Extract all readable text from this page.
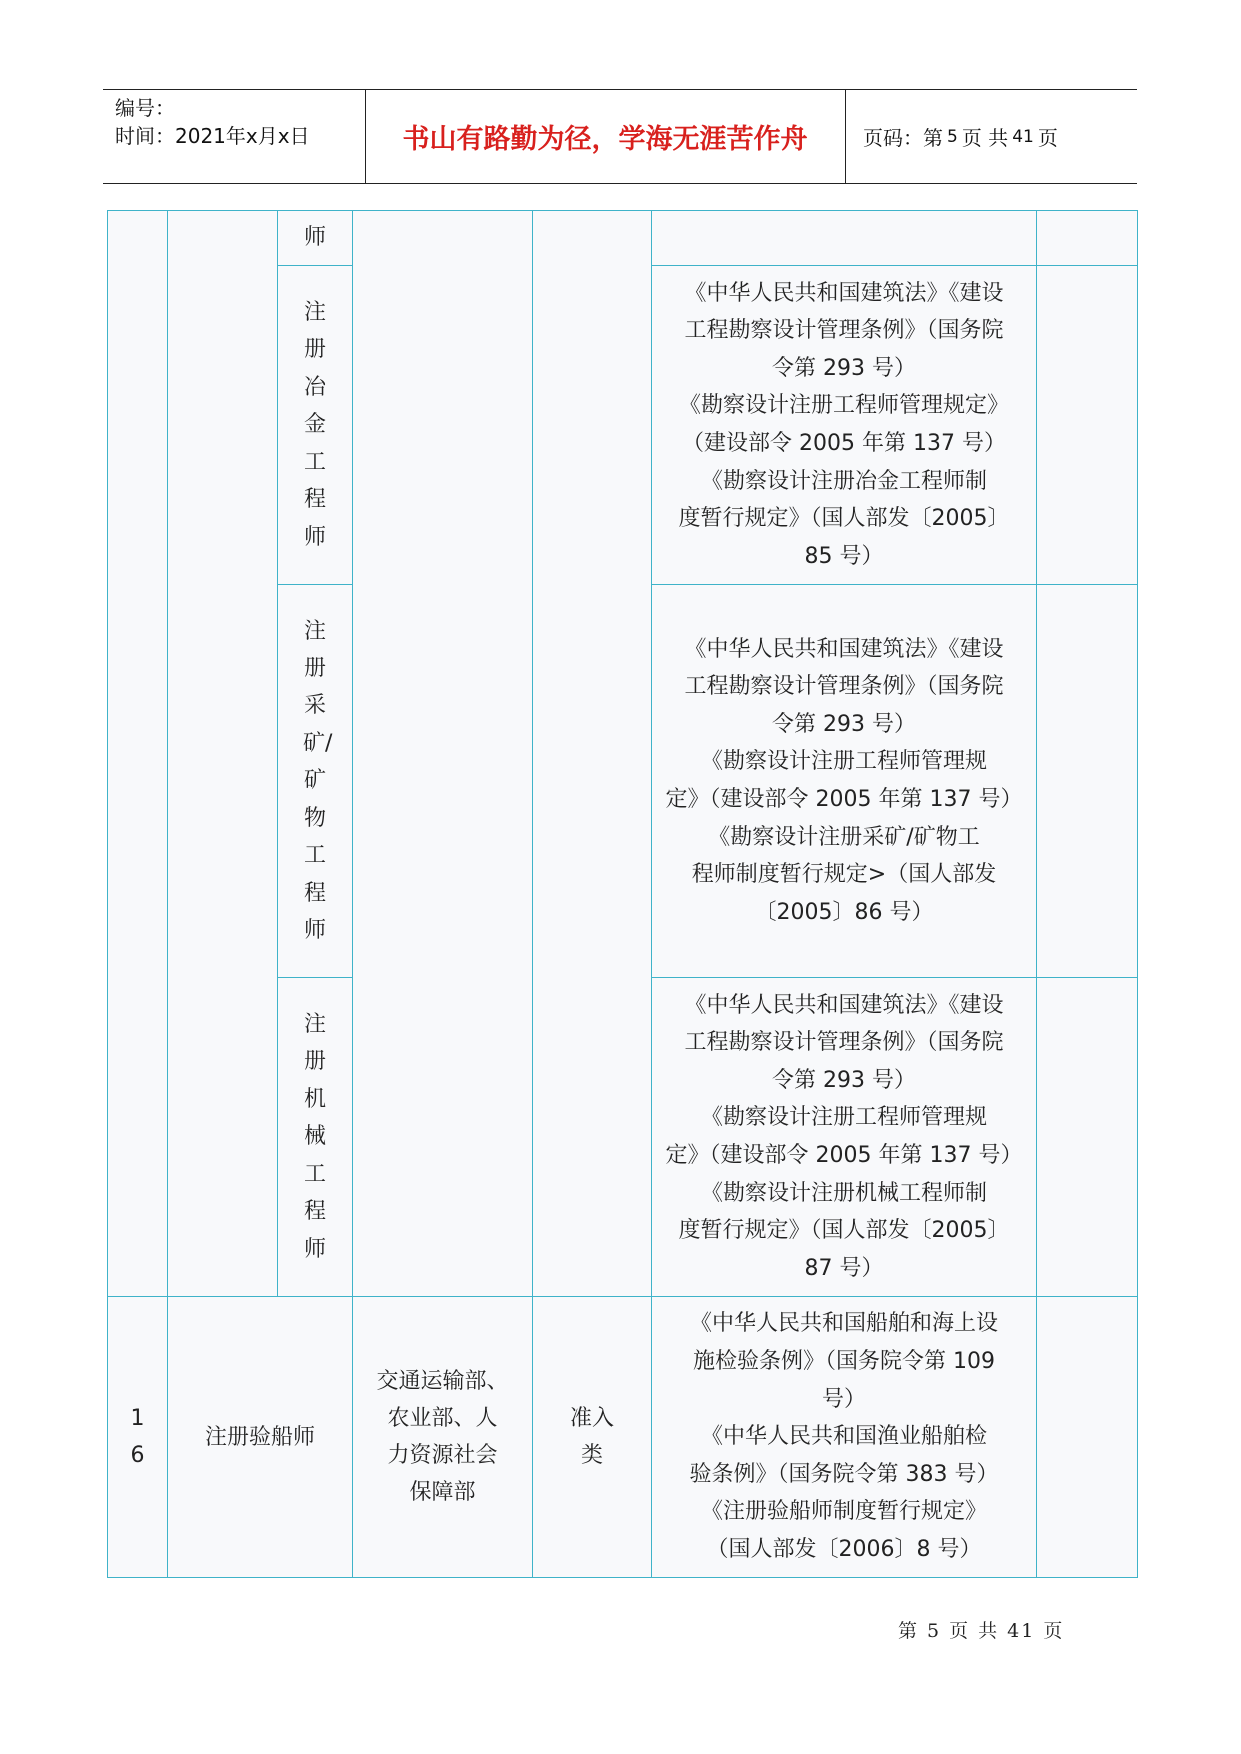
编号：
时间：2021年x月x日	书山有路勤为径，学海无涯苦作舟	页码：第 5 页 共 41 页
师
注册冶金工程师
注册采矿/矿物工程师
注册机械工程师
《中华人民共和国建筑法》《建设
工程勘察设计管理条例》（国务院
令第 293 号）
《勘察设计注册工程师管理规定》
（建设部令 2005 年第 137 号）
《勘察设计注册冶金工程师制
度暂行规定》（国人部发〔2005〕
85 号）
《中华人民共和国建筑法》《建设
工程勘察设计管理条例》（国务院
令第 293 号）
《勘察设计注册工程师管理规
定》（建设部令 2005 年第 137 号）
《勘察设计注册采矿/矿物工
程师制度暂行规定>（国人部发
〔2005〕86 号）
《中华人民共和国建筑法》《建设
工程勘察设计管理条例》（国务院
令第 293 号）
《勘察设计注册工程师管理规
定》（建设部令 2005 年第 137 号）
《勘察设计注册机械工程师制
度暂行规定》（国人部发〔2005〕
87 号）
1
6
注册验船师
交通运输部、
农业部、人
力资源社会
保障部
准入
类
《中华人民共和国船舶和海上设
施检验条例》（国务院令第 109
号）
《中华人民共和国渔业船舶检
验条例》（国务院令第 383 号）
《注册验船师制度暂行规定》
（国人部发〔2006〕8 号）
第 5 页 共 41 页
